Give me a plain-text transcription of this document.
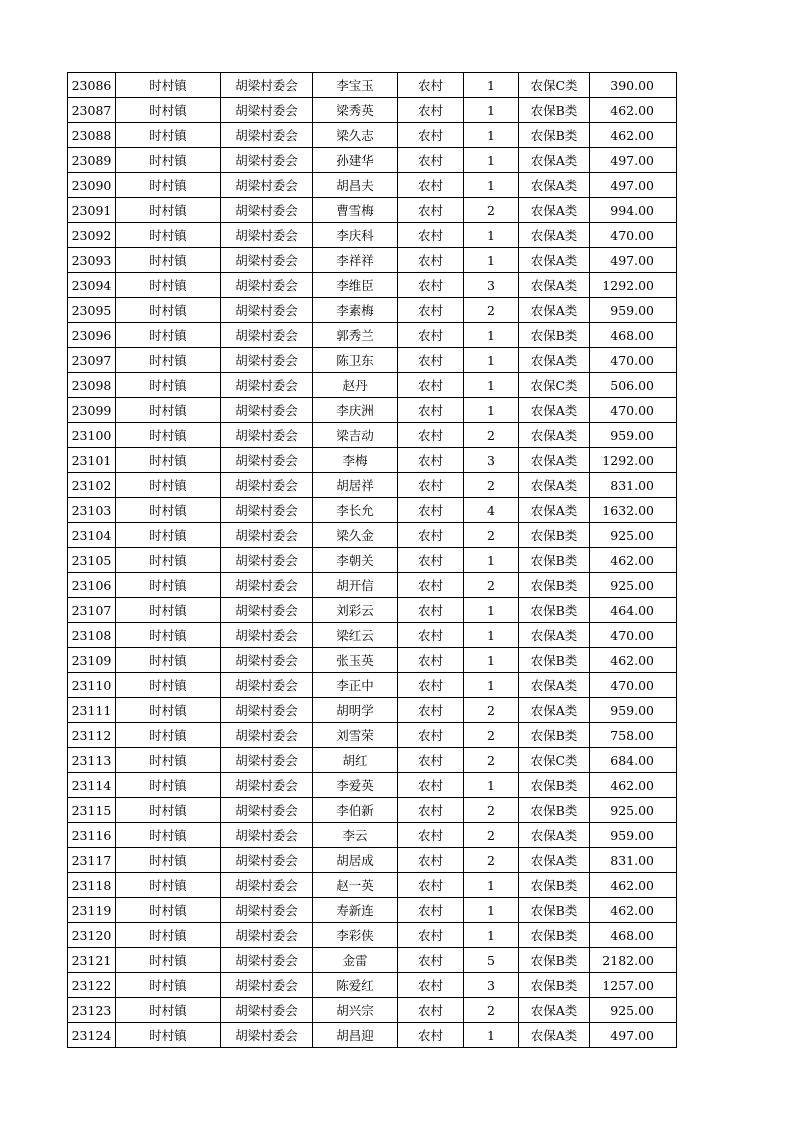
23086	时村镇	胡梁村委会	李宝玉	农村	1	农保C类	390.00
23087	时村镇	胡梁村委会	梁秀英	农村	1	农保B类	462.00
23088	时村镇	胡梁村委会	梁久志	农村	1	农保B类	462.00
23089	时村镇	胡梁村委会	孙建华	农村	1	农保A类	497.00
23090	时村镇	胡梁村委会	胡昌夫	农村	1	农保A类	497.00
23091	时村镇	胡梁村委会	曹雪梅	农村	2	农保A类	994.00
23092	时村镇	胡梁村委会	李庆科	农村	1	农保A类	470.00
23093	时村镇	胡梁村委会	李祥祥	农村	1	农保A类	497.00
23094	时村镇	胡梁村委会	李维臣	农村	3	农保A类	1292.00
23095	时村镇	胡梁村委会	李素梅	农村	2	农保A类	959.00
23096	时村镇	胡梁村委会	郭秀兰	农村	1	农保B类	468.00
23097	时村镇	胡梁村委会	陈卫东	农村	1	农保A类	470.00
23098	时村镇	胡梁村委会	赵丹	农村	1	农保C类	506.00
23099	时村镇	胡梁村委会	李庆洲	农村	1	农保A类	470.00
23100	时村镇	胡梁村委会	梁吉动	农村	2	农保A类	959.00
23101	时村镇	胡梁村委会	李梅	农村	3	农保A类	1292.00
23102	时村镇	胡梁村委会	胡居祥	农村	2	农保A类	831.00
23103	时村镇	胡梁村委会	李长允	农村	4	农保A类	1632.00
23104	时村镇	胡梁村委会	梁久金	农村	2	农保B类	925.00
23105	时村镇	胡梁村委会	李朝关	农村	1	农保B类	462.00
23106	时村镇	胡梁村委会	胡开信	农村	2	农保B类	925.00
23107	时村镇	胡梁村委会	刘彩云	农村	1	农保B类	464.00
23108	时村镇	胡梁村委会	梁红云	农村	1	农保A类	470.00
23109	时村镇	胡梁村委会	张玉英	农村	1	农保B类	462.00
23110	时村镇	胡梁村委会	李正中	农村	1	农保A类	470.00
23111	时村镇	胡梁村委会	胡明学	农村	2	农保A类	959.00
23112	时村镇	胡梁村委会	刘雪荣	农村	2	农保B类	758.00
23113	时村镇	胡梁村委会	胡红	农村	2	农保C类	684.00
23114	时村镇	胡梁村委会	李爱英	农村	1	农保B类	462.00
23115	时村镇	胡梁村委会	李伯新	农村	2	农保B类	925.00
23116	时村镇	胡梁村委会	李云	农村	2	农保A类	959.00
23117	时村镇	胡梁村委会	胡居成	农村	2	农保A类	831.00
23118	时村镇	胡梁村委会	赵一英	农村	1	农保B类	462.00
23119	时村镇	胡梁村委会	寿新连	农村	1	农保B类	462.00
23120	时村镇	胡梁村委会	李彩侠	农村	1	农保B类	468.00
23121	时村镇	胡梁村委会	金雷	农村	5	农保B类	2182.00
23122	时村镇	胡梁村委会	陈爱红	农村	3	农保B类	1257.00
23123	时村镇	胡梁村委会	胡兴宗	农村	2	农保A类	925.00
23124	时村镇	胡梁村委会	胡昌迎	农村	1	农保A类	497.00
